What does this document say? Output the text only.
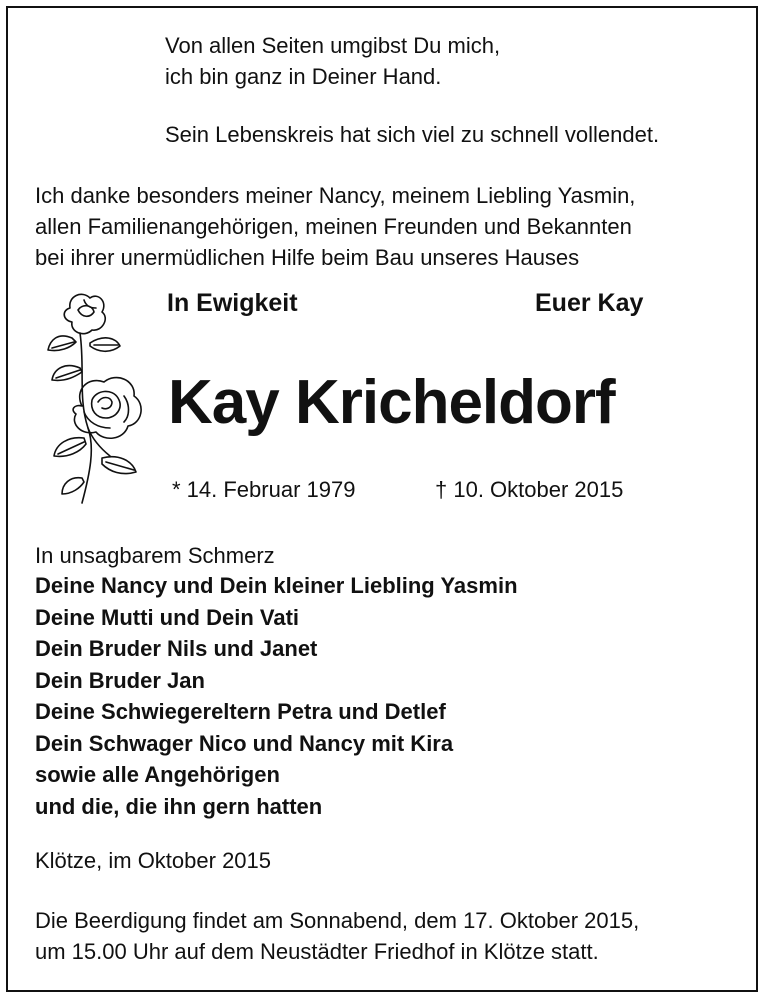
Von allen Seiten umgibst Du mich,
ich bin ganz in Deiner Hand.
Sein Lebenskreis hat sich viel zu schnell vollendet.
Ich danke besonders meiner Nancy, meinem Liebling Yasmin,
allen Familienangehörigen, meinen Freunden und Bekannten
bei ihrer unermüdlichen Hilfe beim Bau unseres Hauses
In Ewigkeit	Euer Kay
Kay Kricheldorf
* 14. Februar 1979	† 10. Oktober 2015
In unsagbarem Schmerz
Deine Nancy und Dein kleiner Liebling Yasmin
Deine Mutti und Dein Vati
Dein Bruder Nils und Janet
Dein Bruder Jan
Deine Schwiegereltern Petra und Detlef
Dein Schwager Nico und Nancy mit Kira
sowie alle Angehörigen
und die, die ihn gern hatten
Klötze, im Oktober 2015
Die Beerdigung findet am Sonnabend, dem 17. Oktober 2015,
um 15.00 Uhr auf dem Neustädter Friedhof in Klötze statt.
